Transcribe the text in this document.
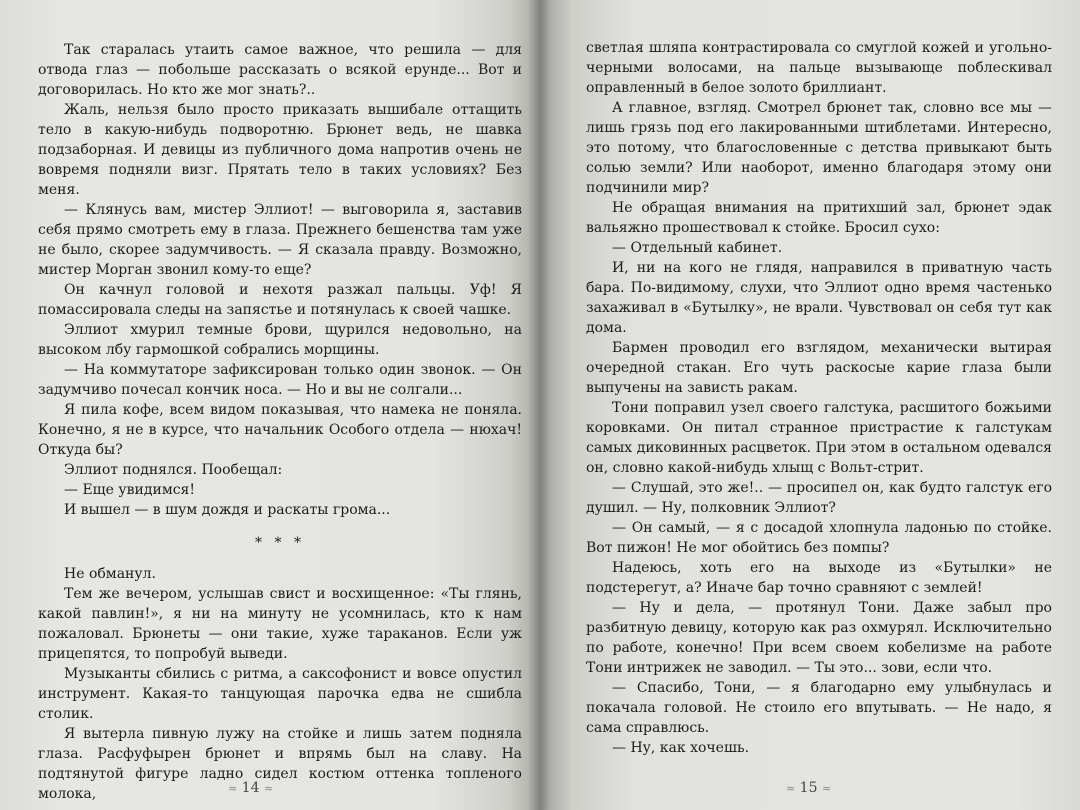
Так старалась утаить самое важное, что решила — для отвода глаз — побольше рассказать о всякой ерунде... Вот и договорилась. Но кто же мог знать?..

Жаль, нельзя было просто приказать вышибале оттащить тело в какую-нибудь подворотню. Брюнет ведь, не шавка подзаборная. И девицы из публичного дома напротив очень не вовремя подняли визг. Прятать тело в таких условиях? Без меня.

— Клянусь вам, мистер Эллиот! — выговорила я, заставив себя прямо смотреть ему в глаза. Прежнего бешенства там уже не было, скорее задумчивость. — Я сказала правду. Возможно, мистер Морган звонил кому-то еще?

Он качнул головой и нехотя разжал пальцы. Уф! Я помассировала следы на запястье и потянулась к своей чашке.

Эллиот хмурил темные брови, щурился недовольно, на высоком лбу гармошкой собрались морщины.

— На коммутаторе зафиксирован только один звонок. — Он задумчиво почесал кончик носа. — Но и вы не солгали...

Я пила кофе, всем видом показывая, что намека не поняла. Конечно, я не в курсе, что начальник Особого отдела — нюхач! Откуда бы?

Эллиот поднялся. Пообещал:

— Еще увидимся!

И вышел — в шум дождя и раскаты грома...

* * *

Не обманул.

Тем же вечером, услышав свист и восхищенное: «Ты глянь, какой павлин!», я ни на минуту не усомнилась, кто к нам пожаловал. Брюнеты — они такие, хуже тараканов. Если уж прицепятся, то попробуй выведи.

Музыканты сбились с ритма, а саксофонист и вовсе опустил инструмент. Какая-то танцующая парочка едва не сшибла столик.

Я вытерла пивную лужу на стойке и лишь затем подняла глаза. Расфуфырен брюнет и впрямь был на славу. На подтянутой фигуре ладно сидел костюм оттенка топленого молока,	≈ 14 ≈

светлая шляпа контрастировала со смуглой кожей и угольно-черными волосами, на пальце вызывающе поблескивал оправленный в белое золото бриллиант.

А главное, взгляд. Смотрел брюнет так, словно все мы — лишь грязь под его лакированными штиблетами. Интересно, это потому, что благословенные с детства привыкают быть солью земли? Или наоборот, именно благодаря этому они подчинили мир?

Не обращая внимания на притихший зал, брюнет эдак вальяжно прошествовал к стойке. Бросил сухо:

— Отдельный кабинет.

И, ни на кого не глядя, направился в приватную часть бара. По-видимому, слухи, что Эллиот одно время частенько захаживал в «Бутылку», не врали. Чувствовал он себя тут как дома.

Бармен проводил его взглядом, механически вытирая очередной стакан. Его чуть раскосые карие глаза были выпучены на зависть ракам.

Тони поправил узел своего галстука, расшитого божьими коровками. Он питал странное пристрастие к галстукам самых диковинных расцветок. При этом в остальном одевался он, словно какой-нибудь хлыщ с Вольт-стрит.

— Слушай, это же!.. — просипел он, как будто галстук его душил. — Ну, полковник Эллиот?

— Он самый, — я с досадой хлопнула ладонью по стойке. Вот пижон! Не мог обойтись без помпы?

Надеюсь, хоть его на выходе из «Бутылки» не подстерегут, а? Иначе бар точно сравняют с землей!

— Ну и дела, — протянул Тони. Даже забыл про разбитную девицу, которую как раз охмурял. Исключительно по работе, конечно! При всем своем кобелизме на работе Тони интрижек не заводил. — Ты это... зови, если что.

— Спасибо, Тони, — я благодарно ему улыбнулась и покачала головой. Не стоило его впутывать. — Не надо, я сама справлюсь.

— Ну, как хочешь.

≈ 15 ≈
